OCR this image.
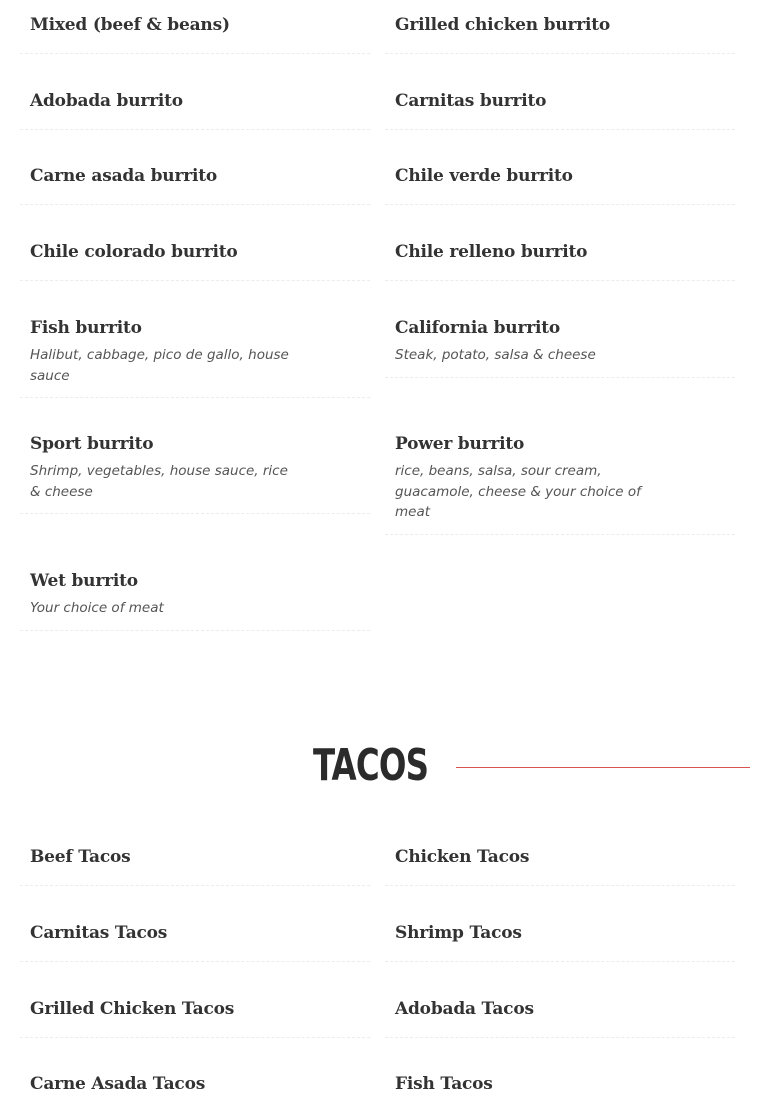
Mixed (beef & beans)
Adobada burrito
Carne asada burrito
Chile colorado burrito
Fish burrito

Halibut, cabbage, pico de gallo, house sauce

Sport burrito

Shrimp, vegetables, house sauce, rice & cheese

Wet burrito

Your choice of meat

Grilled chicken burrito
Carnitas burrito
Chile verde burrito
Chile relleno burrito
California burrito

Steak, potato, salsa & cheese

Power burrito

rice, beans, salsa, sour cream, guacamole, cheese & your choice of meat

TACOS
Beef Tacos
Carnitas Tacos
Grilled Chicken Tacos
Carne Asada Tacos
Chicken Tacos
Shrimp Tacos
Adobada Tacos
Fish Tacos
